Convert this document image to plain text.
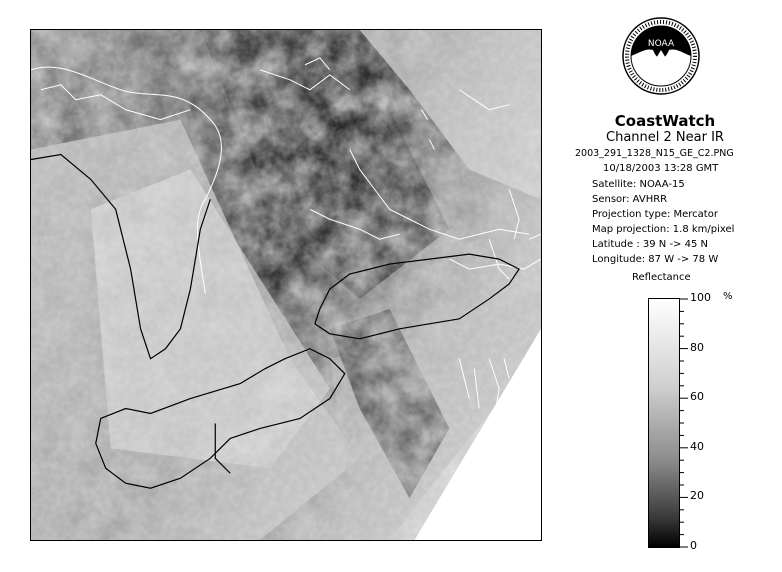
NOAA
CoastWatch
Channel 2 Near IR
2003_291_1328_N15_GE_C2.PNG
10/18/2003 13:28 GMT
Satellite: NOAA-15
Sensor: AVHRR
Projection type: Mercator
Map projection: 1.8 km/pixel
Latitude : 39 N -> 45 N
Longitude: 87 W -> 78 W
Reflectance
100
80
60
40
20
0
%
